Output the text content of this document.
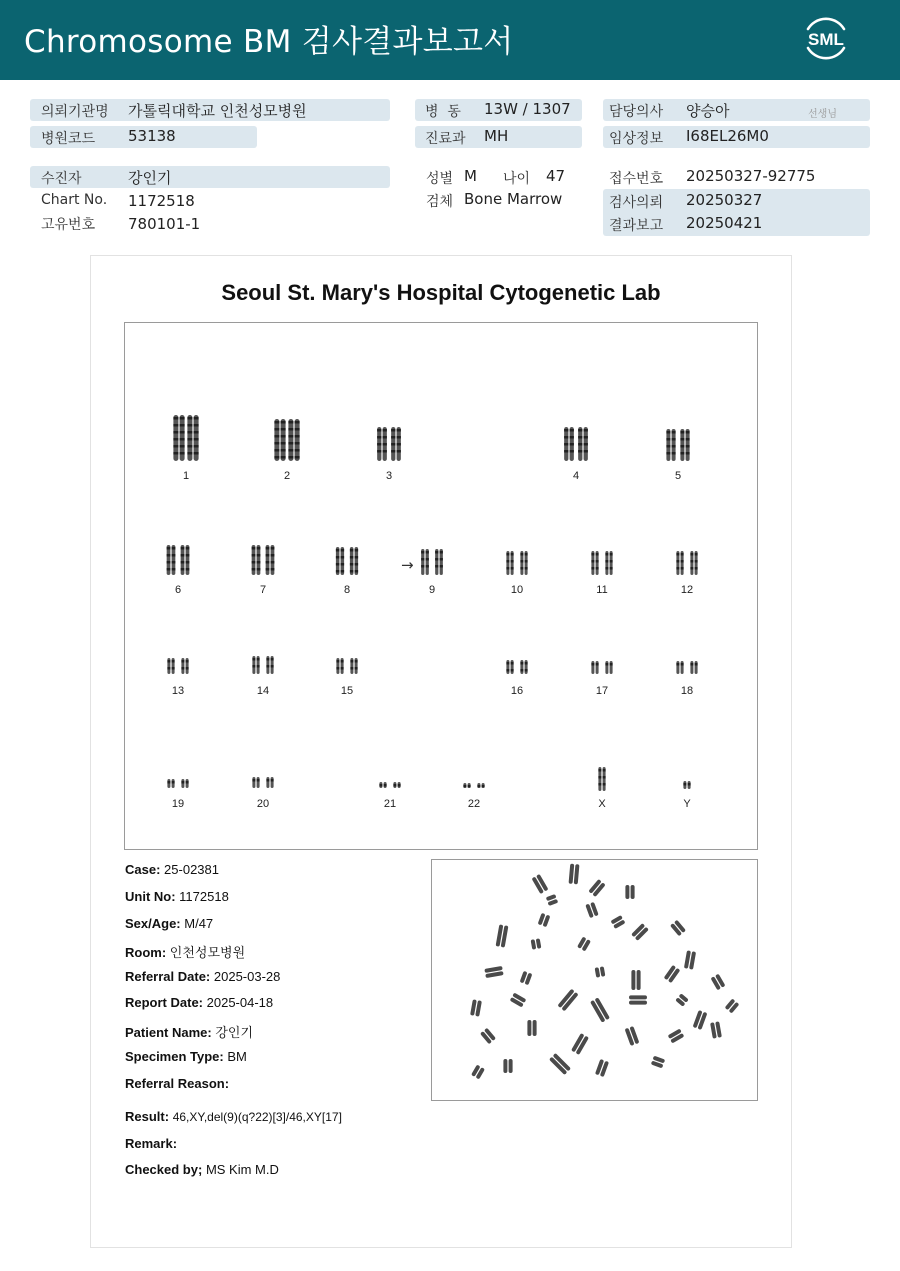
Chromosome BM 검사결과보고서	SML
의뢰기관명 가톨릭대학교 인천성모병원
병원코드 53138
병  동 13W / 1307
진료과 MH
담당의사 양승아	선생님
임상정보 I68EL26M0
수진자	강인기
Chart No. 1172518
고유번호 780101-1
성별 M 나이 47
검체 Bone Marrow
접수번호 20250327-92775
검사의뢰 20250327
결과보고 20250421
Seoul St. Mary's Hospital Cytogenetic Lab
→
1	2	3	4	5
6	7	8	9	10	11	12
13	14	15	16	17	18
19	20	21	22	X	Y
Case: 25-02381
Unit No: 1172518
Sex/Age: M/47
Room: 인천성모병원
Referral Date: 2025-03-28
Report Date: 2025-04-18
Patient Name: 강인기
Specimen Type: BM
Referral Reason:
Result: 46,XY,del(9)(q?22)[3]/46,XY[17]
Remark:
Checked by; MS Kim M.D
